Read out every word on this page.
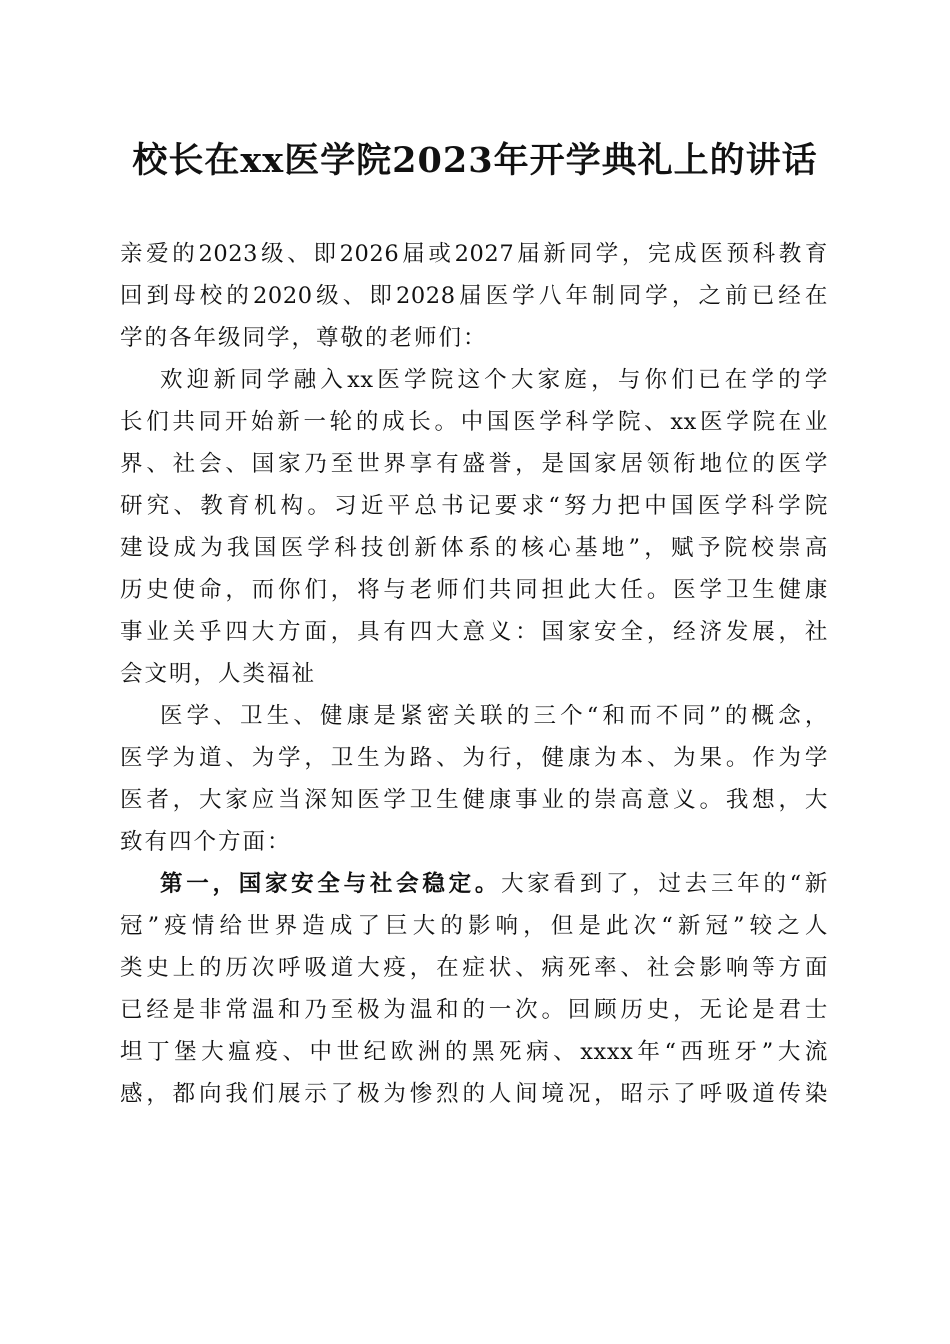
校长在xx医学院2023年开学典礼上的讲话
亲爱的2023级、即2026届或2027届新同学，完成医预科教育
回到母校的2020级、即2028届医学八年制同学，之前已经在
学的各年级同学，尊敬的老师们：
欢迎新同学融入xx医学院这个大家庭，与你们已在学的学
长们共同开始新一轮的成长。中国医学科学院、xx医学院在业
界、社会、国家乃至世界享有盛誉，是国家居领衔地位的医学
研究、教育机构。习近平总书记要求“努力把中国医学科学院
建设成为我国医学科技创新体系的核心基地”，赋予院校崇高
历史使命，而你们，将与老师们共同担此大任。医学卫生健康
事业关乎四大方面，具有四大意义：国家安全，经济发展，社
会文明，人类福祉
医学、卫生、健康是紧密关联的三个“和而不同”的概念，
医学为道、为学，卫生为路、为行，健康为本、为果。作为学
医者，大家应当深知医学卫生健康事业的崇高意义。我想，大
致有四个方面：
第一，国家安全与社会稳定。大家看到了，过去三年的“新
冠”疫情给世界造成了巨大的影响，但是此次“新冠”较之人
类史上的历次呼吸道大疫，在症状、病死率、社会影响等方面
已经是非常温和乃至极为温和的一次。回顾历史，无论是君士
坦丁堡大瘟疫、中世纪欧洲的黑死病、xxxx年“西班牙”大流
感，都向我们展示了极为惨烈的人间境况，昭示了呼吸道传染
